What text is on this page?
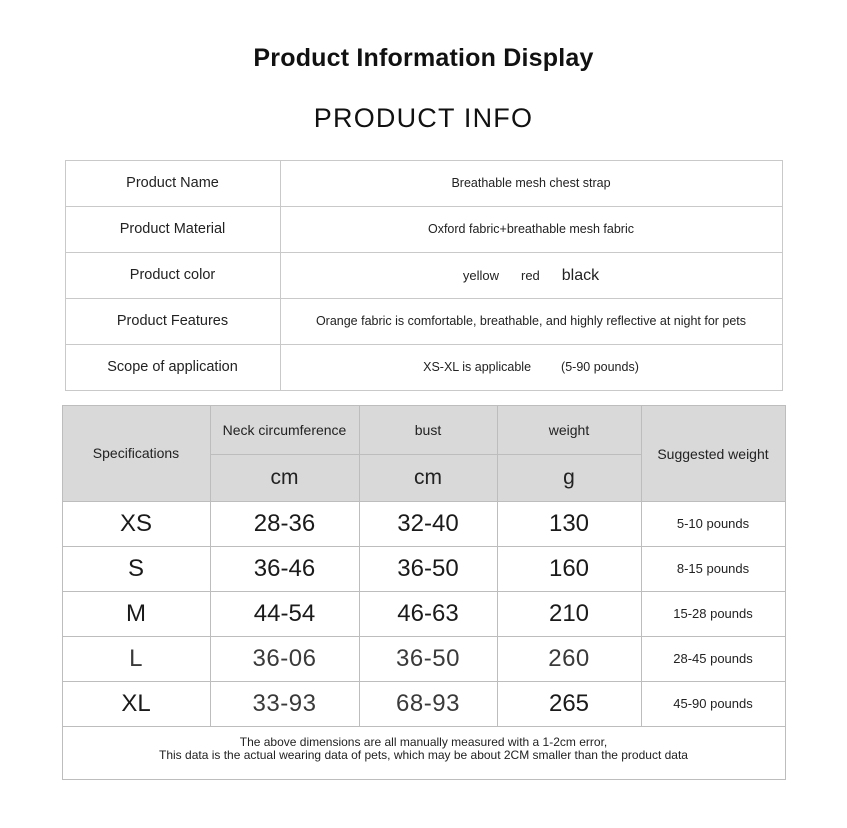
Product Information Display
PRODUCT INFO
Product Name	Breathable mesh chest strap
Product Material	Oxford fabric+breathable mesh fabric
Product color	yellow red black

Product Features	Orange fabric is comfortable, breathable, and highly reflective at night for pets
Scope of application	XS-XL is applicable (5-90 pounds)
Specifications	Neck circumference	bust	weight	Suggested weight
	cm	cm	g	
XS	28-36	32-40	130	5-10 pounds
S	36-46	36-50	160	8-15 pounds
M	44-54	46-63	210	15-28 pounds
L	36-06	36-50	260	28-45 pounds
XL	33-93	68-93	265	45-90 pounds

The above dimensions are all manually measured with a 1-2cm error,
This data is the actual wearing data of pets, which may be about 2CM smaller than the product data				
